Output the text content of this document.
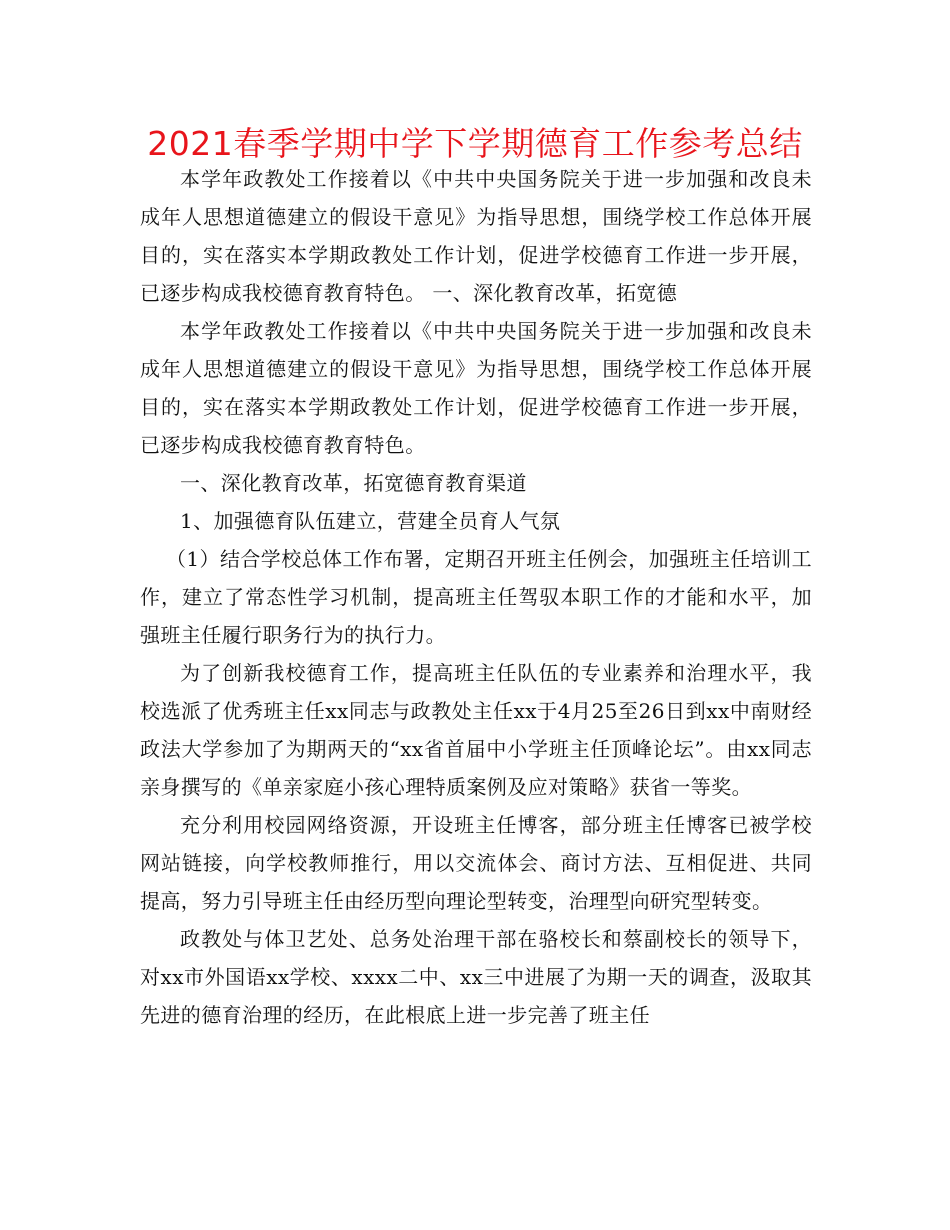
2021春季学期中学下学期德育工作参考总结

本学年政教处工作接着以《中共中央国务院关于进一步加强和改良未成年人思想道德建立的假设干意见》为指导思想，围绕学校工作总体开展目的，实在落实本学期政教处工作计划，促进学校德育工作进一步开展，已逐步构成我校德育教育特色。 一、深化教育改革，拓宽德

本学年政教处工作接着以《中共中央国务院关于进一步加强和改良未成年人思想道德建立的假设干意见》为指导思想，围绕学校工作总体开展目的，实在落实本学期政教处工作计划，促进学校德育工作进一步开展，已逐步构成我校德育教育特色。

一、深化教育改革，拓宽德育教育渠道

1、加强德育队伍建立，营建全员育人气氛

（1）结合学校总体工作布署，定期召开班主任例会，加强班主任培训工作，建立了常态性学习机制，提高班主任驾驭本职工作的才能和水平，加强班主任履行职务行为的执行力。

为了创新我校德育工作，提高班主任队伍的专业素养和治理水平，我校选派了优秀班主任xx同志与政教处主任xx于4月25至26日到xx中南财经政法大学参加了为期两天的“xx省首届中小学班主任顶峰论坛”。由xx同志亲身撰写的《单亲家庭小孩心理特质案例及应对策略》获省一等奖。

充分利用校园网络资源，开设班主任博客，部分班主任博客已被学校网站链接，向学校教师推行，用以交流体会、商讨方法、互相促进、共同提高，努力引导班主任由经历型向理论型转变，治理型向研究型转变。

政教处与体卫艺处、总务处治理干部在骆校长和蔡副校长的领导下，对xx市外国语xx学校、xxxx二中、xx三中进展了为期一天的调查，汲取其先进的德育治理的经历，在此根底上进一步完善了班主任
